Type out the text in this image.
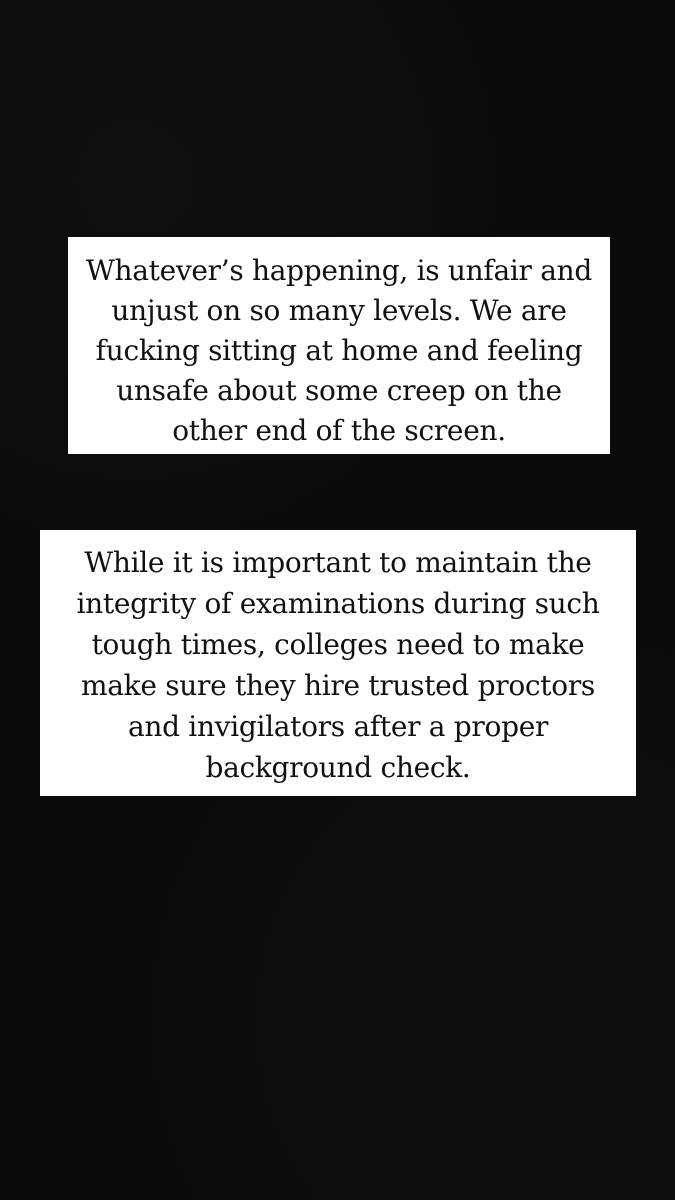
Whatever’s happening, is unfair and
unjust on so many levels. We are
fucking sitting at home and feeling
unsafe about some creep on the
other end of the screen.
While it is important to maintain the
integrity of examinations during such
tough times, colleges need to make
make sure they hire trusted proctors
and invigilators after a proper
background check.
